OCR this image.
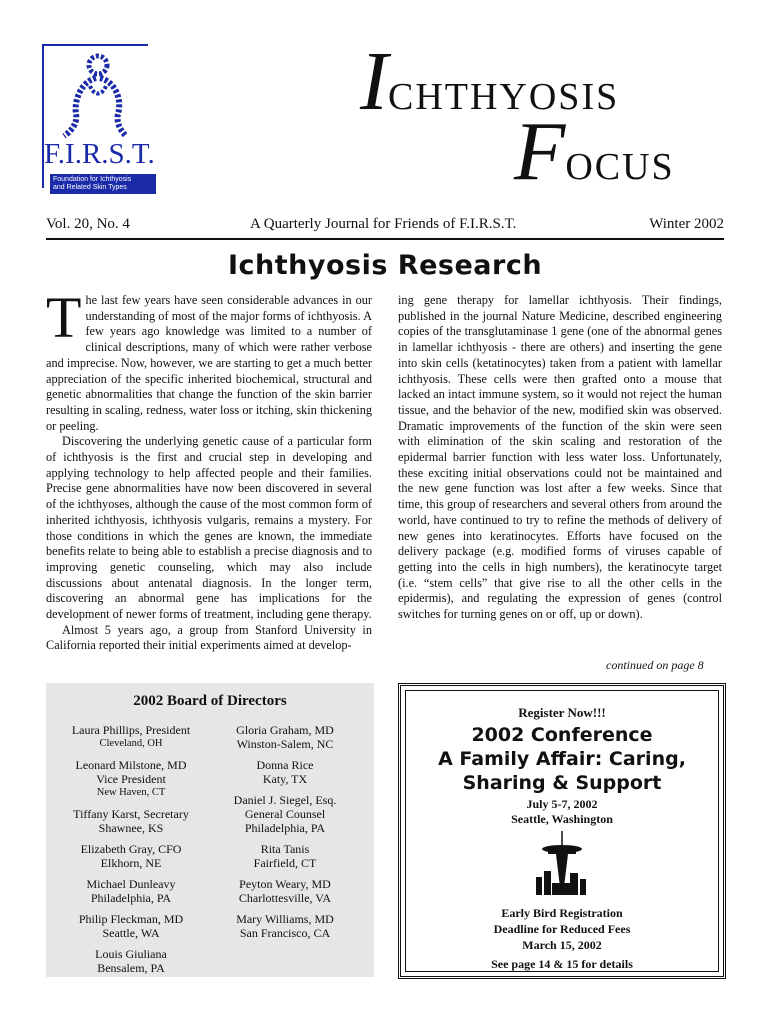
F.I.R.S.T.
Foundation for Ichthyosis
and Related Skin Types
ICHTHYOSIS
FOCUS
Vol. 20, No. 4	A Quarterly Journal for Friends of F.I.R.S.T.	Winter 2002
Ichthyosis Research

The last few years have seen considerable advances in our understanding of most of the major forms of ichthyosis. A few years ago knowledge was limited to a number of clinical descriptions, many of which were rather verbose and imprecise. Now, however, we are starting to get a much better appreciation of the specific inherited biochemical, structural and genetic abnormalities that change the function of the skin barrier resulting in scaling, redness, water loss or itching, skin thickening or peeling.

Discovering the underlying genetic cause of a particular form of ichthyosis is the first and crucial step in developing and applying technology to help affected people and their families. Precise gene abnormalities have now been discovered in several of the ichthyoses, although the cause of the most common form of inherited ichthyosis, ichthyosis vulgaris, remains a mystery. For those conditions in which the genes are known, the immediate benefits relate to being able to establish a precise diagnosis and to improving genetic counseling, which may also include discussions about antenatal diagnosis. In the longer term, discovering an abnormal gene has implications for the development of newer forms of treatment, including gene therapy.

Almost 5 years ago, a group from Stanford University in California reported their initial experiments aimed at develop-

ing gene therapy for lamellar ichthyosis. Their findings, published in the journal Nature Medicine, described engineering copies of the transglutaminase 1 gene (one of the abnormal genes in lamellar ichthyosis - there are others) and inserting the gene into skin cells (ketatinocytes) taken from a patient with lamellar ichthyosis. These cells were then grafted onto a mouse that lacked an intact immune system, so it would not reject the human tissue, and the behavior of the new, modified skin was observed. Dramatic improvements of the function of the skin were seen with elimination of the skin scaling and restoration of the epidermal barrier function with less water loss. Unfortunately, these exciting initial observations could not be maintained and the new gene function was lost after a few weeks. Since that time, this group of researchers and several others from around the world, have continued to try to refine the methods of delivery of new genes into keratinocytes. Efforts have focused on the delivery package (e.g. modified forms of viruses capable of getting into the cells in high numbers), the keratinocyte target (i.e. “stem cells” that give rise to all the other cells in the epidermis), and regulating the expression of genes (control switches for turning genes on or off, up or down).

continued on page 8
2002 Board of Directors
Laura Phillips, President
Cleveland, OH
Leonard Milstone, MD
Vice President
New Haven, CT
Tiffany Karst, Secretary
Shawnee, KS
Elizabeth Gray, CFO
Elkhorn, NE
Michael Dunleavy
Philadelphia, PA
Philip Fleckman, MD
Seattle, WA
Louis Giuliana
Bensalem, PA
Gloria Graham, MD
Winston-Salem, NC
Donna Rice
Katy, TX
Daniel J. Siegel, Esq.
General Counsel
Philadelphia, PA
Rita Tanis
Fairfield, CT
Peyton Weary, MD
Charlottesville, VA
Mary Williams, MD
San Francisco, CA
Register Now!!!
2002 Conference
A Family Affair: Caring,
Sharing & Support
July 5-7, 2002
Seattle, Washington
Early Bird Registration
Deadline for Reduced Fees
March 15, 2002
See page 14 & 15 for details
